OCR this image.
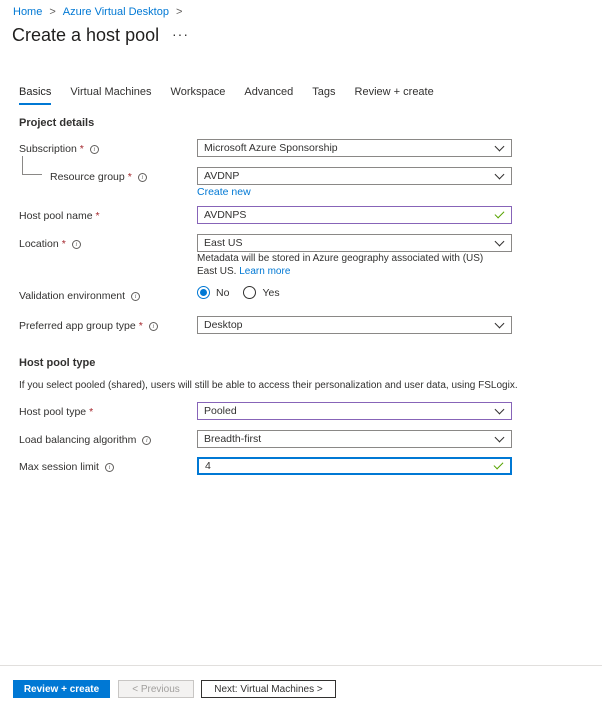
Home > Azure Virtual Desktop >
Create a host pool ···
Basics Virtual Machines Workspace Advanced Tags Review + create
Project details
Subscription *	i	Microsoft Azure Sponsorship
Resource group *	i	AVDNP
Create new
Host pool name *	AVDNPS
Location *	i	East US
Metadata will be stored in Azure geography associated with (US) East US. Learn more
Validation environment	i	No	Yes
Preferred app group type *	i	Desktop
Host pool type
If you select pooled (shared), users will still be able to access their personalization and user data, using FSLogix.
Host pool type *	Pooled
Load balancing algorithm	i	Breadth-first
Max session limit	i	4
Review + create	< Previous	Next: Virtual Machines >
